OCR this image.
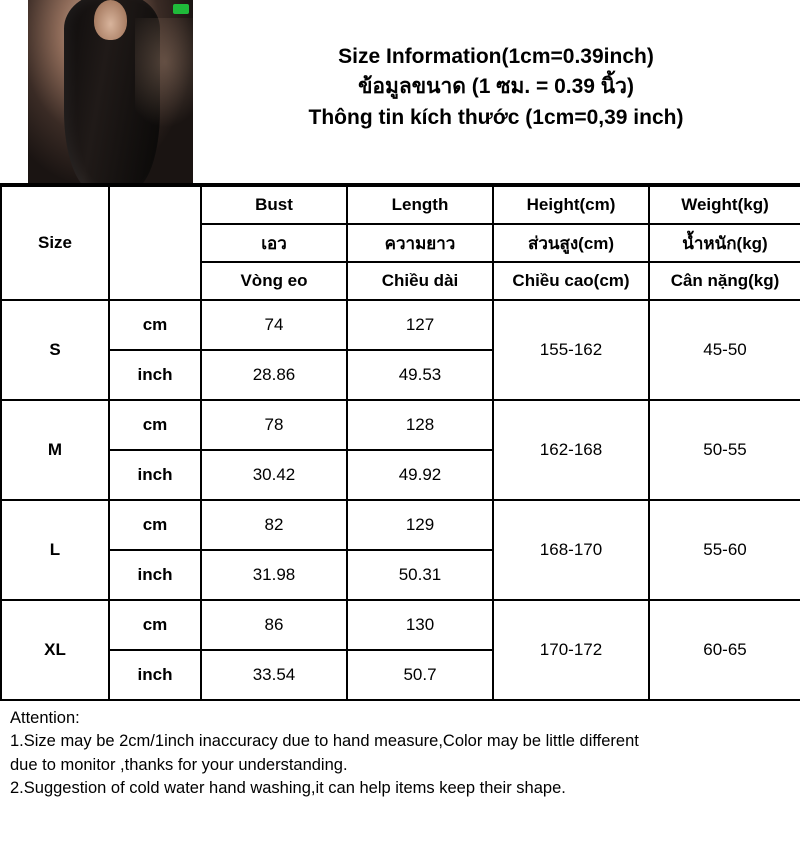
Size Information(1cm=0.39inch)
ข้อมูลขนาด (1 ซม. = 0.39 นิ้ว)
Thông tin kích thước (1cm=0,39 inch)
Size		Bust	Length	Height(cm)	Weight(kg)
		เอว	ความยาว	ส่วนสูง(cm)	น้ำหนัก(kg)
		Vòng eo	Chiều dài	Chiều cao(cm)	Cân nặng(kg)
S	cm	74	127	155-162	45-50
	inch	28.86	49.53		
M	cm	78	128	162-168	50-55
	inch	30.42	49.92		
L	cm	82	129	168-170	55-60
	inch	31.98	50.31		
XL	cm	86	130	170-172	60-65
	inch	33.54	50.7		

Attention:

1.Size may be 2cm/1inch inaccuracy due to hand measure,Color may be little different

due to monitor ,thanks for your understanding.

2.Suggestion of cold water hand washing,it can help items keep their shape.
